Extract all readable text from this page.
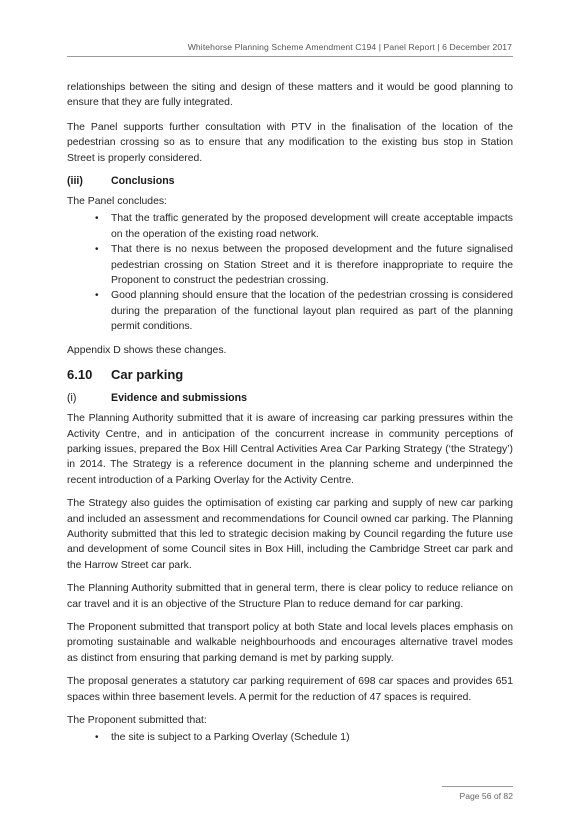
Whitehorse Planning Scheme Amendment C194 | Panel Report | 6 December 2017

relationships between the siting and design of these matters and it would be good planning to ensure that they are fully integrated.

The Panel supports further consultation with PTV in the finalisation of the location of the pedestrian crossing so as to ensure that any modification to the existing bus stop in Station Street is properly considered.

(iii)	Conclusions

The Panel concludes:

• That the traffic generated by the proposed development will create acceptable impacts on the operation of the existing road network.
• That there is no nexus between the proposed development and the future signalised pedestrian crossing on Station Street and it is therefore inappropriate to require the Proponent to construct the pedestrian crossing.
• Good planning should ensure that the location of the pedestrian crossing is considered during the preparation of the functional layout plan required as part of the planning permit conditions.

Appendix D shows these changes.

6.10	Car parking
(i)	Evidence and submissions

The Planning Authority submitted that it is aware of increasing car parking pressures within the Activity Centre, and in anticipation of the concurrent increase in community perceptions of parking issues, prepared the Box Hill Central Activities Area Car Parking Strategy (‘the Strategy’) in 2014. The Strategy is a reference document in the planning scheme and underpinned the recent introduction of a Parking Overlay for the Activity Centre.

The Strategy also guides the optimisation of existing car parking and supply of new car parking and included an assessment and recommendations for Council owned car parking. The Planning Authority submitted that this led to strategic decision making by Council regarding the future use and development of some Council sites in Box Hill, including the Cambridge Street car park and the Harrow Street car park.

The Planning Authority submitted that in general term, there is clear policy to reduce reliance on car travel and it is an objective of the Structure Plan to reduce demand for car parking.

The Proponent submitted that transport policy at both State and local levels places emphasis on promoting sustainable and walkable neighbourhoods and encourages alternative travel modes as distinct from ensuring that parking demand is met by parking supply.

The proposal generates a statutory car parking requirement of 698 car spaces and provides 651 spaces within three basement levels. A permit for the reduction of 47 spaces is required.

The Proponent submitted that:

• the site is subject to a Parking Overlay (Schedule 1)
Page 56 of 82
